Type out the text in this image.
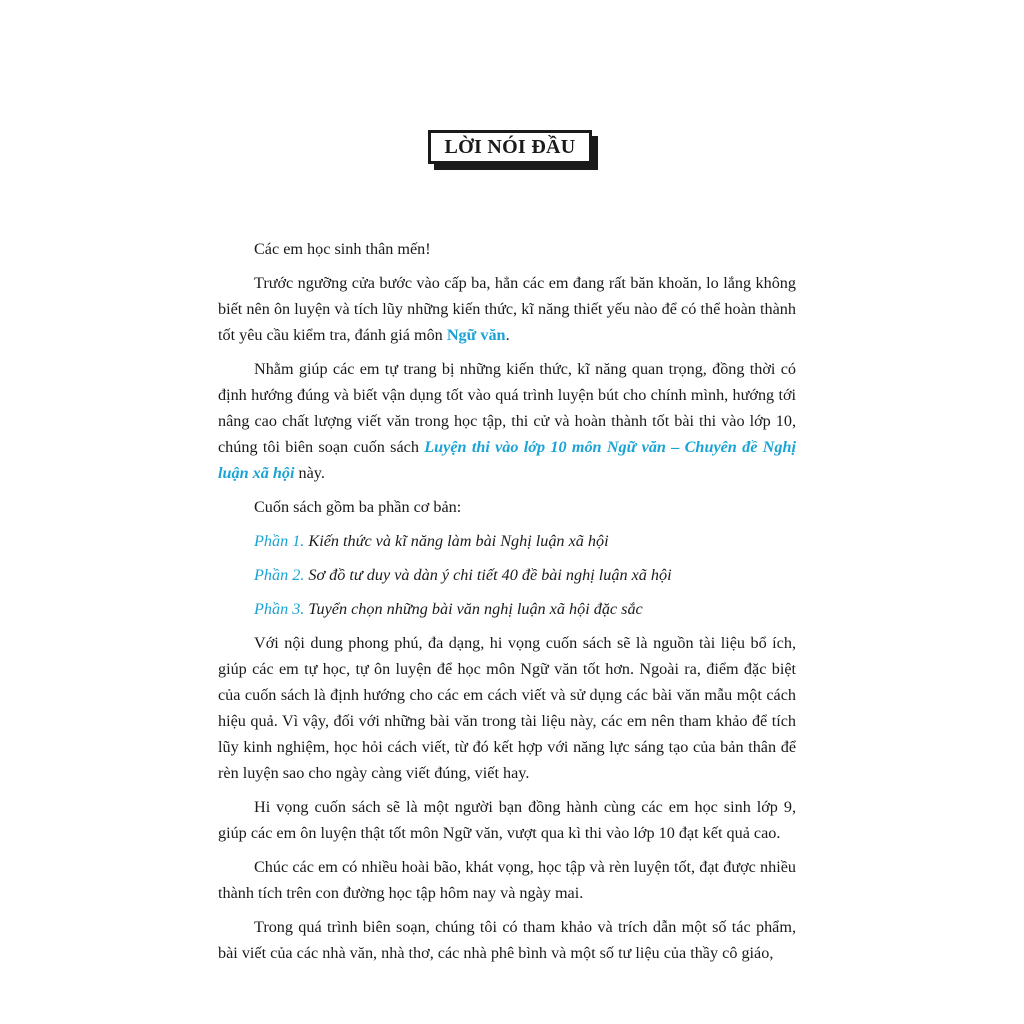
LỜI NÓI ĐẦU

Các em học sinh thân mến!

Trước ngưỡng cửa bước vào cấp ba, hẳn các em đang rất băn khoăn, lo lắng không biết nên ôn luyện và tích lũy những kiến thức, kĩ năng thiết yếu nào để có thể hoàn thành tốt yêu cầu kiểm tra, đánh giá môn Ngữ văn.

Nhằm giúp các em tự trang bị những kiến thức, kĩ năng quan trọng, đồng thời có định hướng đúng và biết vận dụng tốt vào quá trình luyện bút cho chính mình, hướng tới nâng cao chất lượng viết văn trong học tập, thi cử và hoàn thành tốt bài thi vào lớp 10, chúng tôi biên soạn cuốn sách Luyện thi vào lớp 10 môn Ngữ văn – Chuyên đề Nghị luận xã hội này.

Cuốn sách gồm ba phần cơ bản:

Phần 1. Kiến thức và kĩ năng làm bài Nghị luận xã hội

Phần 2. Sơ đồ tư duy và dàn ý chi tiết 40 đề bài nghị luận xã hội

Phần 3. Tuyển chọn những bài văn nghị luận xã hội đặc sắc

Với nội dung phong phú, đa dạng, hi vọng cuốn sách sẽ là nguồn tài liệu bổ ích, giúp các em tự học, tự ôn luyện để học môn Ngữ văn tốt hơn. Ngoài ra, điểm đặc biệt của cuốn sách là định hướng cho các em cách viết và sử dụng các bài văn mẫu một cách hiệu quả. Vì vậy, đối với những bài văn trong tài liệu này, các em nên tham khảo để tích lũy kinh nghiệm, học hỏi cách viết, từ đó kết hợp với năng lực sáng tạo của bản thân để rèn luyện sao cho ngày càng viết đúng, viết hay.

Hi vọng cuốn sách sẽ là một người bạn đồng hành cùng các em học sinh lớp 9, giúp các em ôn luyện thật tốt môn Ngữ văn, vượt qua kì thi vào lớp 10 đạt kết quả cao.

Chúc các em có nhiều hoài bão, khát vọng, học tập và rèn luyện tốt, đạt được nhiều thành tích trên con đường học tập hôm nay và ngày mai.

Trong quá trình biên soạn, chúng tôi có tham khảo và trích dẫn một số tác phẩm, bài viết của các nhà văn, nhà thơ, các nhà phê bình và một số tư liệu của thầy cô giáo,
